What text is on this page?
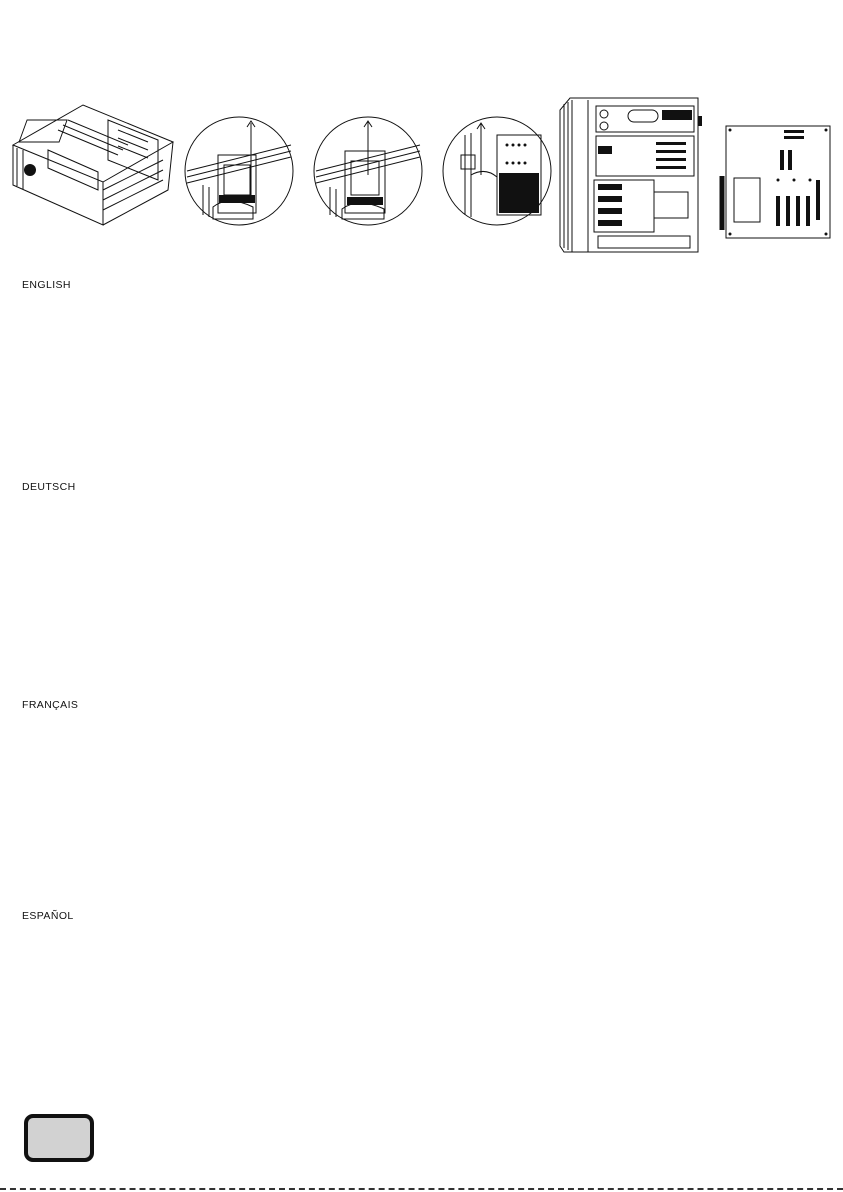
ENGLISH
DEUTSCH
FRANÇAIS
ESPAÑOL
